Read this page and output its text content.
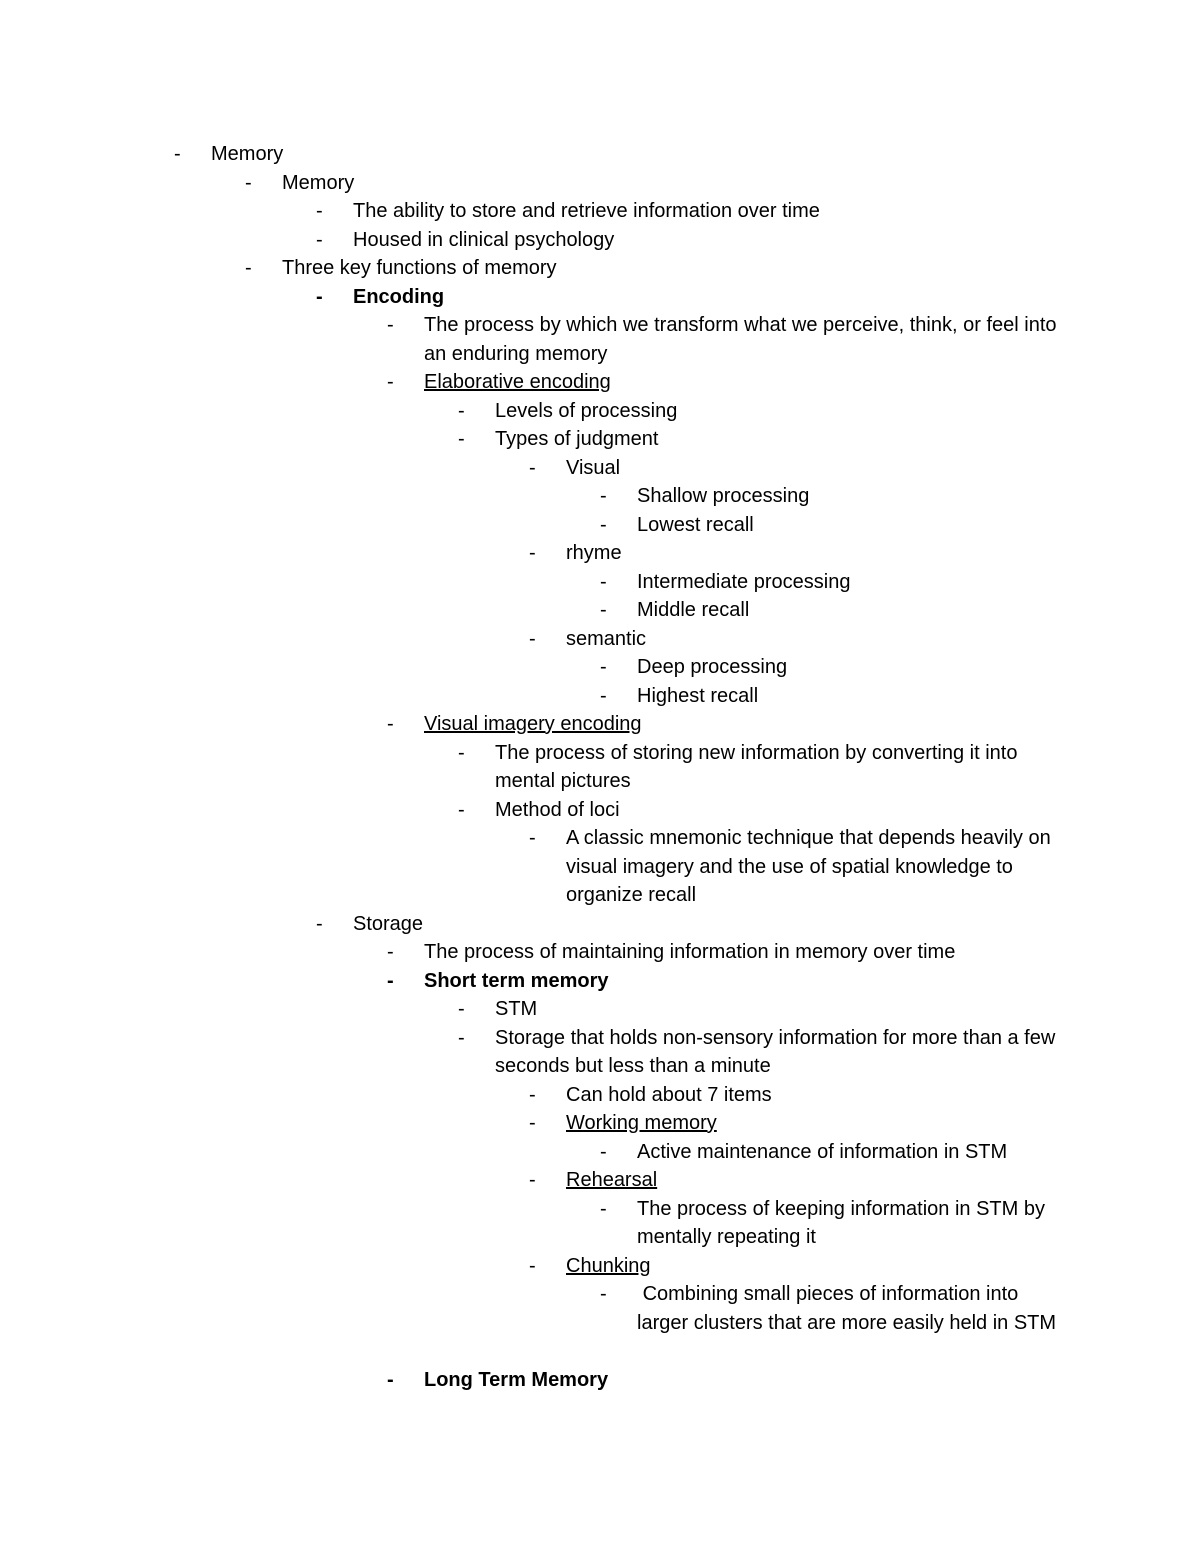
- Memory
- Memory
- The ability to store and retrieve information over time
- Housed in clinical psychology
- Three key functions of memory
- Encoding
- The process by which we transform what we perceive, think, or feel into an enduring memory
- Elaborative encoding
- Levels of processing
- Types of judgment
- Visual
- Shallow processing
- Lowest recall
- rhyme
- Intermediate processing
- Middle recall
- semantic
- Deep processing
- Highest recall
- Visual imagery encoding
- The process of storing new information by converting it into mental pictures
- Method of loci
- A classic mnemonic technique that depends heavily on visual imagery and the use of spatial knowledge to organize recall
- Storage
- The process of maintaining information in memory over time
- Short term memory
- STM
- Storage that holds non-sensory information for more than a few seconds but less than a minute
- Can hold about 7 items
- Working memory
- Active maintenance of information in STM
- Rehearsal
- The process of keeping information in STM by mentally repeating it
- Chunking
- Combining small pieces of information into larger clusters that are more easily held in STM
- Long Term Memory
